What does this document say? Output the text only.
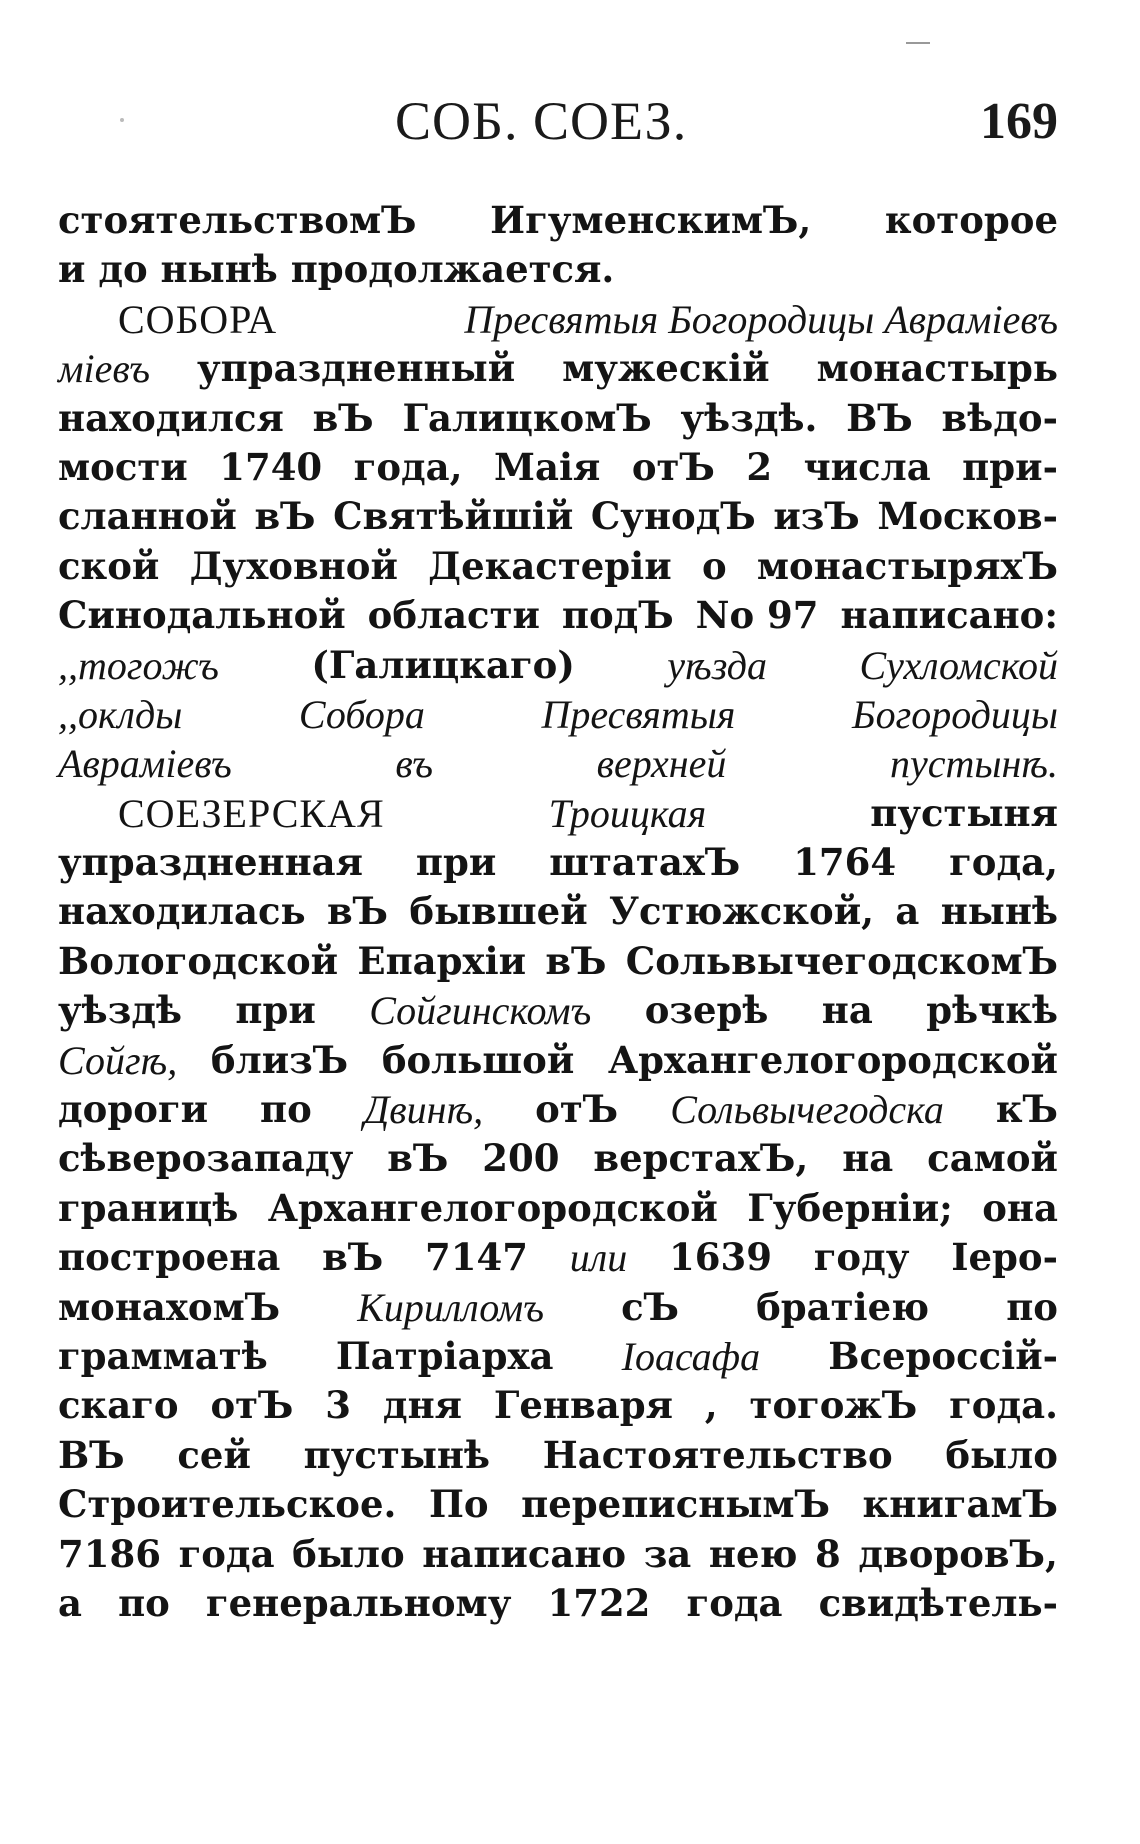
СОБ. СОЕЗ.	169
стоятельствомЪ ИгуменскимЪ, которое
и до нынѣ продолжается.
СОБОРА	Пресвятыя Богородицы Аврамiевъ
мiевъ упраздненный мужескiй монастырь
находился вЪ ГалицкомЪ уѣздѣ. ВЪ вѣдо-
мости 1740 года, Маiя отЪ 2 числа при-
сланной вЪ Святѣйшiй СунодЪ изЪ Москов-
ской Духовной Декастерiи о монастыряхЪ
Синодальной области подЪ No 97 написано:
,,тогожъ (Галицкаго) уѣзда Сухломской
,,оклды	Собора	Пресвятыя	Богородицы
Аврамiевъ	въ	верхней	пустынѣ.
СОЕЗЕРСКАЯ	Троицкая	пустыня
упраздненная при штатахЪ 1764 года,
находилась вЪ бывшей Устюжской, а нынѣ
Вологодской Епархiи вЪ СольвычегодскомЪ
уѣздѣ при Сойгинскомъ озерѣ на рѣчкѣ
Сойгѣ, близЪ большой Архангелогородской
дороги по Двинѣ, отЪ Сольвычегодска кЪ
сѣверозападу вЪ 200 верстахЪ, на самой
границѣ Архангелогородской Губернiи; она
построена вЪ 7147 или 1639 году Iеро-
монахомЪ Кирилломъ сЪ братiею по
грамматѣ Патрiарха Iоасафа Всероссiй-
скаго отЪ 3 дня Генваря , тогожЪ года.
ВЪ сей пустынѣ Настоятельство было
Строительское. По переписнымЪ книгамЪ
7186 года было написано за нею 8 дворовЪ,
а по генеральному 1722 года свидѣтель-
